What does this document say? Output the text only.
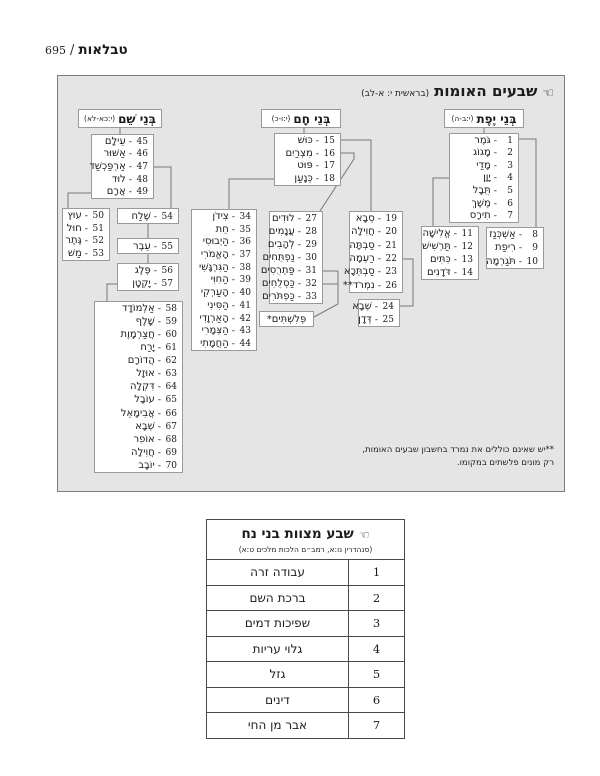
טבלאות/695
☜
שבעים האומות
(בראשית י: א-לב)
בְּנֵי יֶפֶת
(י:ב-ה)
בְּנֵי חָם
(י:ו-כ)
בְּנֵי שֵׁם
(י:כא-לא)
1
-
גֹּמֶר
2
-
מָגוֹג
3
-
מָדַי
4
-
יָוָן
5
-
תֻּבָל
6
-
מֶשֶׁךְ
7
-
תִירָס
8
-
אַשְׁכְּנַז
9
-
רִיפַת
10
-
תֹּגַרְמָה
11
-
אֱלִישָׁה
12
-
תַּרְשִׁישׁ
13
-
כִּתִּים
14
-
דֹּדָנִים
15
-
כּוּשׁ
16
-
מִצְרַיִם
17
-
פּוּט
18
-
כְּנָעַן
19
-
סְבָא
20
-
חֲוִילָה
21
-
סַבְתָּה
22
-
רַעְמָה
23
-
סַבְתְּכָא
26
-
נִמְרֹד**
24
-
שְׁבָא
25
-
דְּדָן
27
-
לוּדִים
28
-
עֲנָמִים
29
-
לְהָבִים
30
-
נַפְתֻּחִים
31
-
פַּתְרֻסִים
32
-
כַּסְלֻחִים
33
-
כַּפְתֹּרִים
פְּלִשְׁתִּים*
34
-
צִידֹן
35
-
חֵת
36
-
הַיְבוּסִי
37
-
הָאֱמֹרִי
38
-
הַגִּרְגָּשִׁי
39
-
הַחִוִּי
40
-
הָעַרְקִי
41
-
הַסִּינִי
42
-
הָאַרְוָדִי
43
-
הַצְּמָרִי
44
-
הַחֲמָתִי
45
-
עֵילָם
46
-
אַשּׁוּר
47
-
אַרְפַּכְשַׁד
48
-
לוּד
49
-
אֲרָם
50
-
עוּץ
51
-
חוּל
52
-
גֶּתֶר
53
-
מַשׁ
54
-
שֶׁלַח
55
-
עֵבֶר
56
-
פֶּלֶג
57
-
יָקְטָן
58
-
אַלְמוֹדָד
59
-
שָׁלֶף
60
-
חֲצַרְמָוֶת
61
-
יָרַח
62
-
הֲדוֹרָם
63
-
אוּזָל
64
-
דִּקְלָה
65
-
עוֹבָל
66
-
אֲבִימָאֵל
67
-
שְׁבָא
68
-
אוֹפִר
69
-
חֲוִילָה
70
-
יוֹבָב
**יש שאינם כוללים את נמרד בחשבון שבעים האומות,
רק מונים פלשתים במקומו.
☜
שבע מצוות בני נח
(סנהדרין נו:א, רמב״ם הלכות מלכים ט:א)
1
עבודה זרה
2
ברכת השם
3
שפיכות דמים
4
גלוי עריות
5
גזל
6
דינים
7
אבר מן החי
